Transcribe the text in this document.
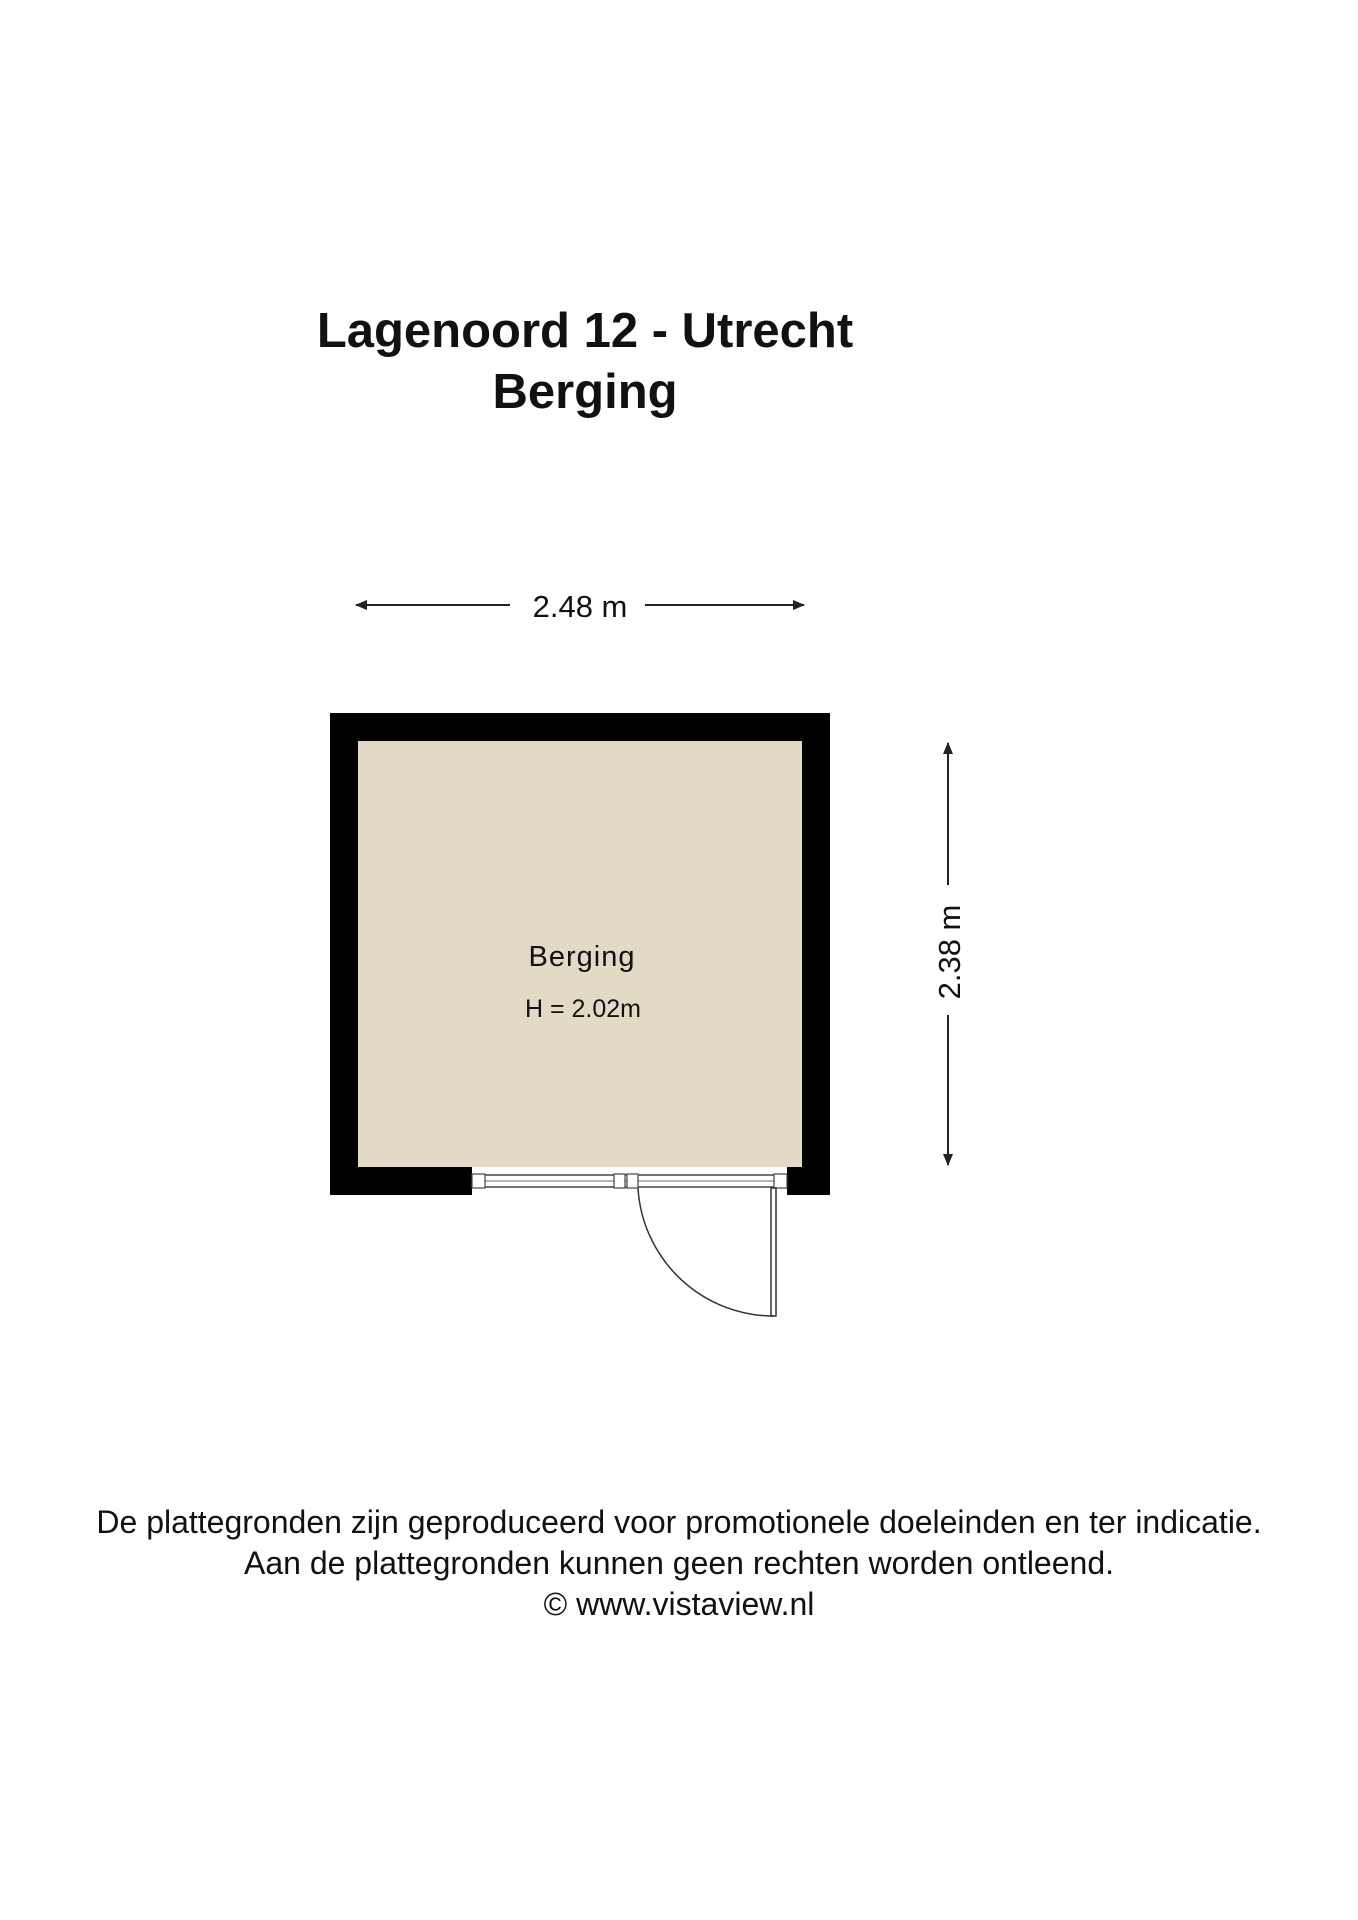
Lagenoord 12 - Utrecht
Berging
2.48 m
Berging
H = 2.02m
2.38 m
De plattegronden zijn geproduceerd voor promotionele doeleinden en ter indicatie.
Aan de plattegronden kunnen geen rechten worden ontleend.
© www.vistaview.nl
